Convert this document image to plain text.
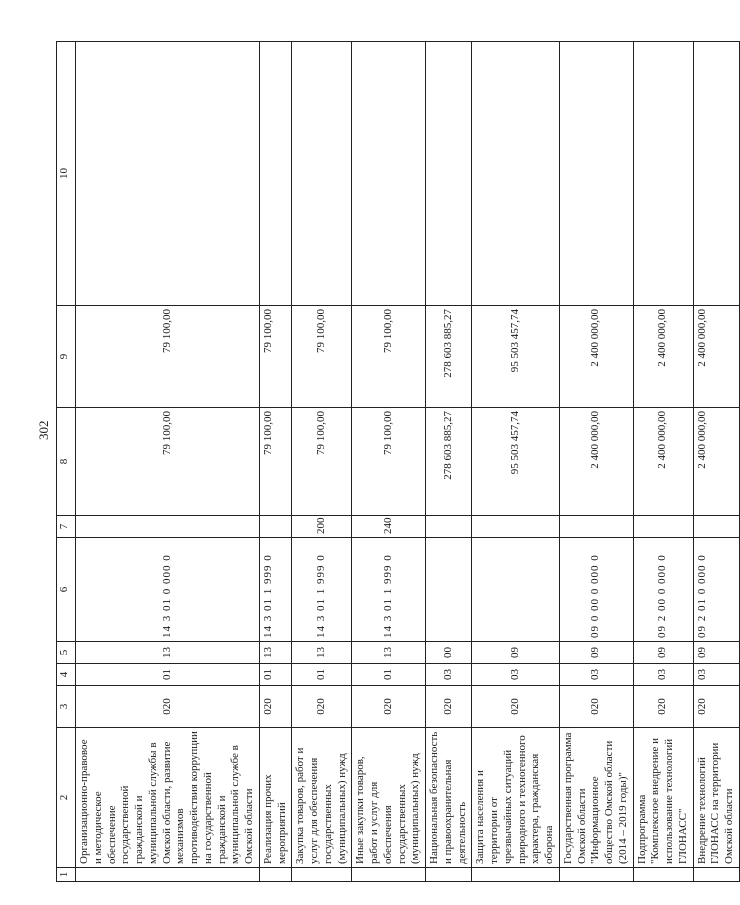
302
1	2	3	4	5	6	7	8	9	10
	Организационно-правовое и методическое обеспечение государственной гражданской и муниципальной службы в Омской области, развитие механизмов противодействия коррупции на государственной гражданской и муниципальной службе в Омской области	020	01	13	14 3 01 0 000 0		79 100,00	79 100,00	
	Реализация прочих мероприятий	020	01	13	14 3 01 1 999 0		79 100,00	79 100,00	
	Закупка товаров, работ и услуг для обеспечения государственных (муниципальных) нужд	020	01	13	14 3 01 1 999 0	200	79 100,00	79 100,00	
	Иные закупки товаров, работ и услуг для обеспечения государственных (муниципальных) нужд	020	01	13	14 3 01 1 999 0	240	79 100,00	79 100,00	
	Национальная безопасность и правоохранительная деятельность	020	03	00			278 603 885,27	278 603 885,27	
	Защита населения и территории от чрезвычайных ситуаций природного и техногенного характера, гражданская оборона	020	03	09			95 503 457,74	95 503 457,74	
	Государственная программа Омской области "Информационное общество Омской области (2014 – 2019 годы)"	020	03	09	09 0 00 0 000 0		2 400 000,00	2 400 000,00	
	Подпрограмма "Комплексное внедрение и использование технологий ГЛОНАСС"	020	03	09	09 2 00 0 000 0		2 400 000,00	2 400 000,00	
	Внедрение технологий ГЛОНАСС на территории Омской области	020	03	09	09 2 01 0 000 0		2 400 000,00	2 400 000,00	
